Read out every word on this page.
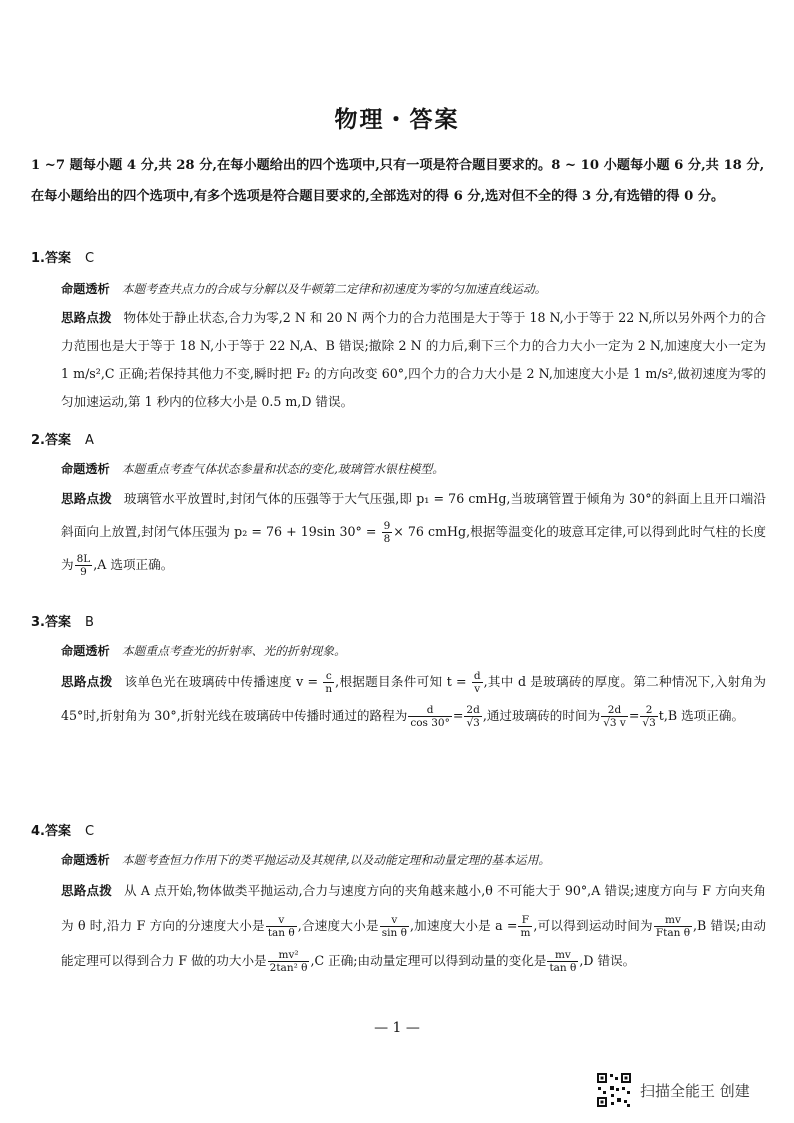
物理・答案
1 ~7 题每小题 4 分,共 28 分,在每小题给出的四个选项中,只有一项是符合题目要求的。8 ~ 10 小题每小题 6 分,共 18 分,在每小题给出的四个选项中,有多个选项是符合题目要求的,全部选对的得 6 分,选对但不全的得 3 分,有选错的得 0 分。
1.答案 C
命题透析 本题考查共点力的合成与分解以及牛顿第二定律和初速度为零的匀加速直线运动。
思路点拨 物体处于静止状态,合力为零,2 N 和 20 N 两个力的合力范围是大于等于 18 N,小于等于 22 N,所以另外两个力的合力范围也是大于等于 18 N,小于等于 22 N,A、B 错误;撤除 2 N 的力后,剩下三个力的合力大小一定为 2 N,加速度大小一定为 1 m/s²,C 正确;若保持其他力不变,瞬时把 F₂ 的方向改变 60°,四个力的合力大小是 2 N,加速度大小是 1 m/s²,做初速度为零的匀加速运动,第 1 秒内的位移大小是 0.5 m,D 错误。
2.答案 A
命题透析 本题重点考查气体状态参量和状态的变化,玻璃管水银柱模型。
思路点拨 玻璃管水平放置时,封闭气体的压强等于大气压强,即 p₁ = 76 cmHg,当玻璃管置于倾角为 30°的斜面上且开口端沿斜面向上放置,封闭气体压强为 p₂ = 76 + 19sin $30^\circ = \frac{9}{8} \times 76$ cmHg,根据等温变化的玻意耳定律,可以得到此时气柱的长度为 $\frac{8L}{9} ,A$ 选项正确。
3.答案 B
命题透析 本题重点考查光的折射率、光的折射现象。
思路点拨 该单色光在玻璃砖中传播速度 $v = \frac{c}{n}$ ,根据题目条件可知 $t = \frac{d}{v}$ ,其中 d 是玻璃砖的厚度。第二种情况下,入射角为 45°时,折射角为 30°,折射光线在玻璃砖中传播时通过的路程为 $\frac{d}{\cos 30^\circ} = \frac{2d}{√3}$ ,通过玻璃砖的时间为 $\frac{2d}{√3 v} = \frac{2}{√3} t,B$ 选项正确。
4.答案 C
命题透析 本题考查恒力作用下的类平抛运动及其规律,以及动能定理和动量定理的基本运用。
思路点拨 从 A 点开始,物体做类平抛运动,合力与速度方向的夹角越来越小,θ 不可能大于 90°,A 错误;速度方向与 F 方向夹角为 θ 时,沿力 F 方向的分速度大小是 $\frac{v}{\text{tan θ}}$ ,合速度大小是 $\frac{v}{\text{sin θ}}$ ,加速度大小是 $a = \frac{F}{m}$ ,可以得到运动时间为 $\frac{mv}{\text{Ftan θ}} ,B$ 错误;由动能定理可以得到合力 F 做的功大小是 $\frac{\text{mv²}}{\text{2tan² θ}} ,C$ 正确;由动量定理可以得到动量的变化是 $\frac{mv}{\text{tan θ}} ,D$ 错误。
— 1 —
扫描全能王 创建
